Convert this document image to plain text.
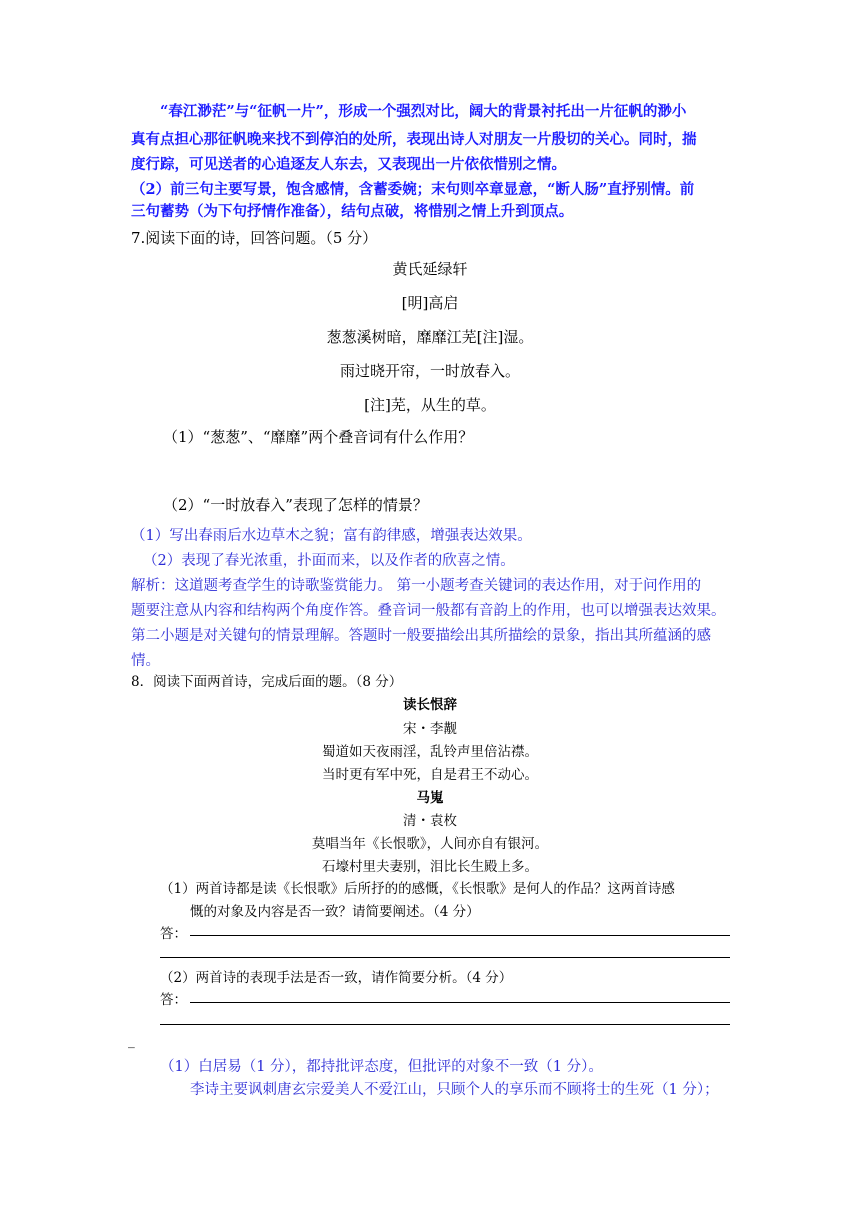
“春江渺茫”与“征帆一片”，形成一个强烈对比，阔大的背景衬托出一片征帆的渺小
真有点担心那征帆晚来找不到停泊的处所，表现出诗人对朋友一片殷切的关心。同时，揣
度行踪，可见送者的心追逐友人东去，又表现出一片依依惜别之情。
（2）前三句主要写景，饱含感情，含蓄委婉；末句则卒章显意，“断人肠”直抒别情。前
三句蓄势（为下句抒情作准备），结句点破，将惜别之情上升到顶点。
7.阅读下面的诗，回答问题。（5 分）
黄氏延绿轩
[明]高启
葱葱溪树暗，靡靡江芜[注]湿。
雨过晓开帘，一时放春入。
[注]芜，从生的草。
（1）“葱葱”、“靡靡”两个叠音词有什么作用？
（2）“一时放春入”表现了怎样的情景？
（1）写出春雨后水边草木之貌；富有韵律感，增强表达效果。
（2）表现了春光浓重，扑面而来，以及作者的欣喜之情。
解析：这道题考查学生的诗歌鉴赏能力。 第一小题考查关键词的表达作用，对于问作用的
题要注意从内容和结构两个角度作答。叠音词一般都有音韵上的作用，也可以增强表达效果。
第二小题是对关键句的情景理解。答题时一般要描绘出其所描绘的景象，指出其所蕴涵的感
情。
8．阅读下面两首诗，完成后面的题。（8 分）
读长恨辞
宋・李觏
蜀道如天夜雨淫，乱铃声里倍沾襟。
当时更有军中死，自是君王不动心。
马嵬
清・袁枚
莫唱当年《长恨歌》，人间亦自有银河。
石壕村里夫妻别，泪比长生殿上多。
（1）两首诗都是读《长恨歌》后所抒的的感慨，《长恨歌》是何人的作品？这两首诗感
慨的对象及内容是否一致？请简要阐述。（4 分）
答：
（2）两首诗的表现手法是否一致，请作简要分析。（4 分）
答：
_
（1）白居易（1 分），都持批评态度，但批评的对象不一致（1 分）。
李诗主要讽刺唐玄宗爱美人不爱江山，只顾个人的享乐而不顾将士的生死（1 分）；
